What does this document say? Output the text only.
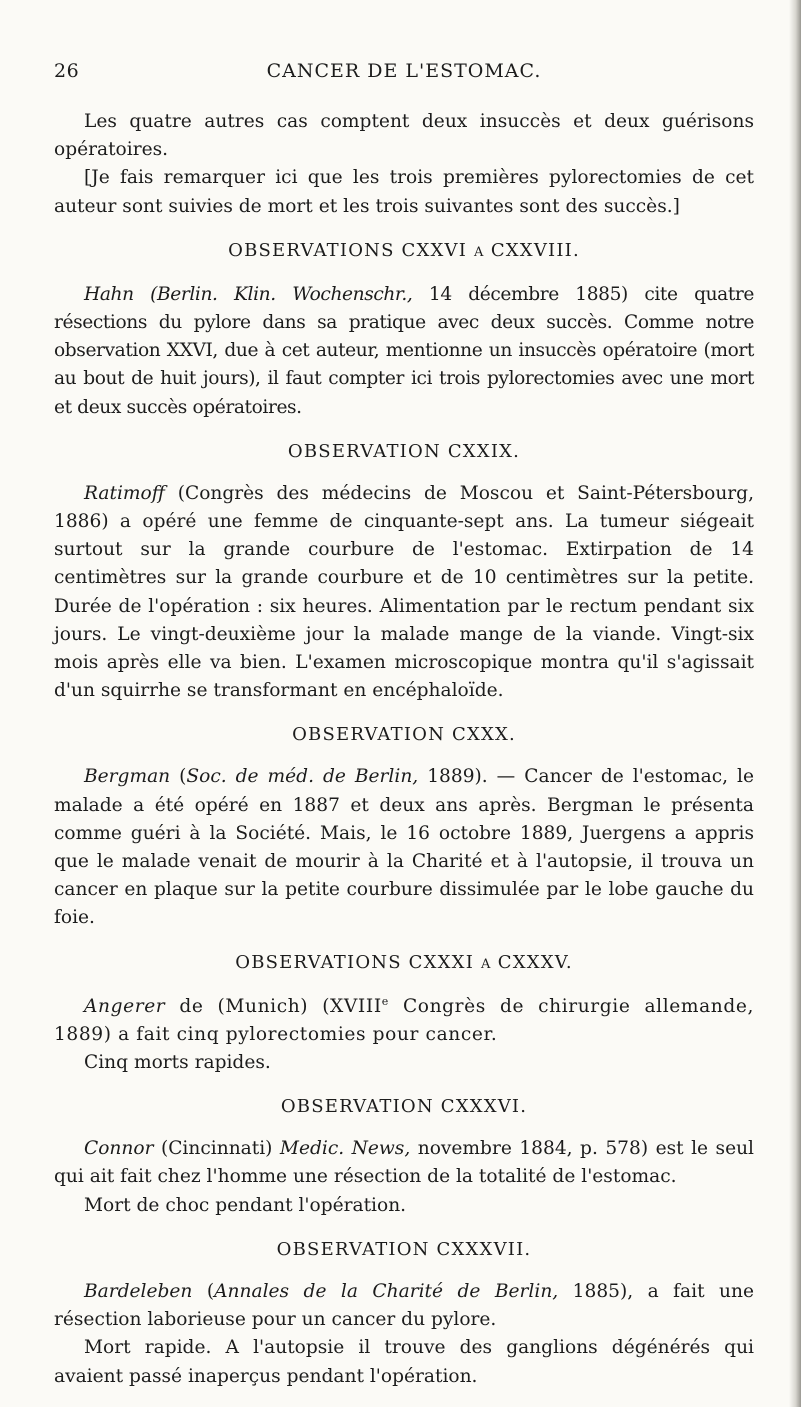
26	CANCER DE L'ESTOMAC.

Les quatre autres cas comptent deux insuccès et deux guérisons opératoires.

[Je fais remarquer ici que les trois premières pylorectomies de cet auteur sont suivies de mort et les trois suivantes sont des succès.]

OBSERVATIONS CXXVI A CXXVIII.

Hahn (Berlin. Klin. Wochenschr., 14 décembre 1885) cite quatre résections du pylore dans sa pratique avec deux succès. Comme notre observation XXVI, due à cet auteur, mentionne un insuccès opératoire (mort au bout de huit jours), il faut compter ici trois pylorectomies avec une mort et deux succès opératoires.

OBSERVATION CXXIX.

Ratimoff (Congrès des médecins de Moscou et Saint-Pétersbourg, 1886) a opéré une femme de cinquante-sept ans. La tumeur siégeait surtout sur la grande courbure de l'estomac. Extirpation de 14 centimètres sur la grande courbure et de 10 centimètres sur la petite. Durée de l'opération : six heures. Alimentation par le rectum pendant six jours. Le vingt-deuxième jour la malade mange de la viande. Vingt-six mois après elle va bien. L'examen microscopique montra qu'il s'agissait d'un squirrhe se transformant en encéphaloïde.

OBSERVATION CXXX.

Bergman (Soc. de méd. de Berlin, 1889). — Cancer de l'estomac, le malade a été opéré en 1887 et deux ans après. Bergman le présenta comme guéri à la Société. Mais, le 16 octobre 1889, Juergens a appris que le malade venait de mourir à la Charité et à l'autopsie, il trouva un cancer en plaque sur la petite courbure dissimulée par le lobe gauche du foie.

OBSERVATIONS CXXXI A CXXXV.

Angerer de (Munich) (XVIIIe Congrès de chirurgie allemande, 1889) a fait cinq pylorectomies pour cancer.

Cinq morts rapides.

OBSERVATION CXXXVI.

Connor (Cincinnati) Medic. News, novembre 1884, p. 578) est le seul qui ait fait chez l'homme une résection de la totalité de l'estomac.

Mort de choc pendant l'opération.

OBSERVATION CXXXVII.

Bardeleben (Annales de la Charité de Berlin, 1885), a fait une résection laborieuse pour un cancer du pylore.

Mort rapide. A l'autopsie il trouve des ganglions dégénérés qui avaient passé inaperçus pendant l'opération.
